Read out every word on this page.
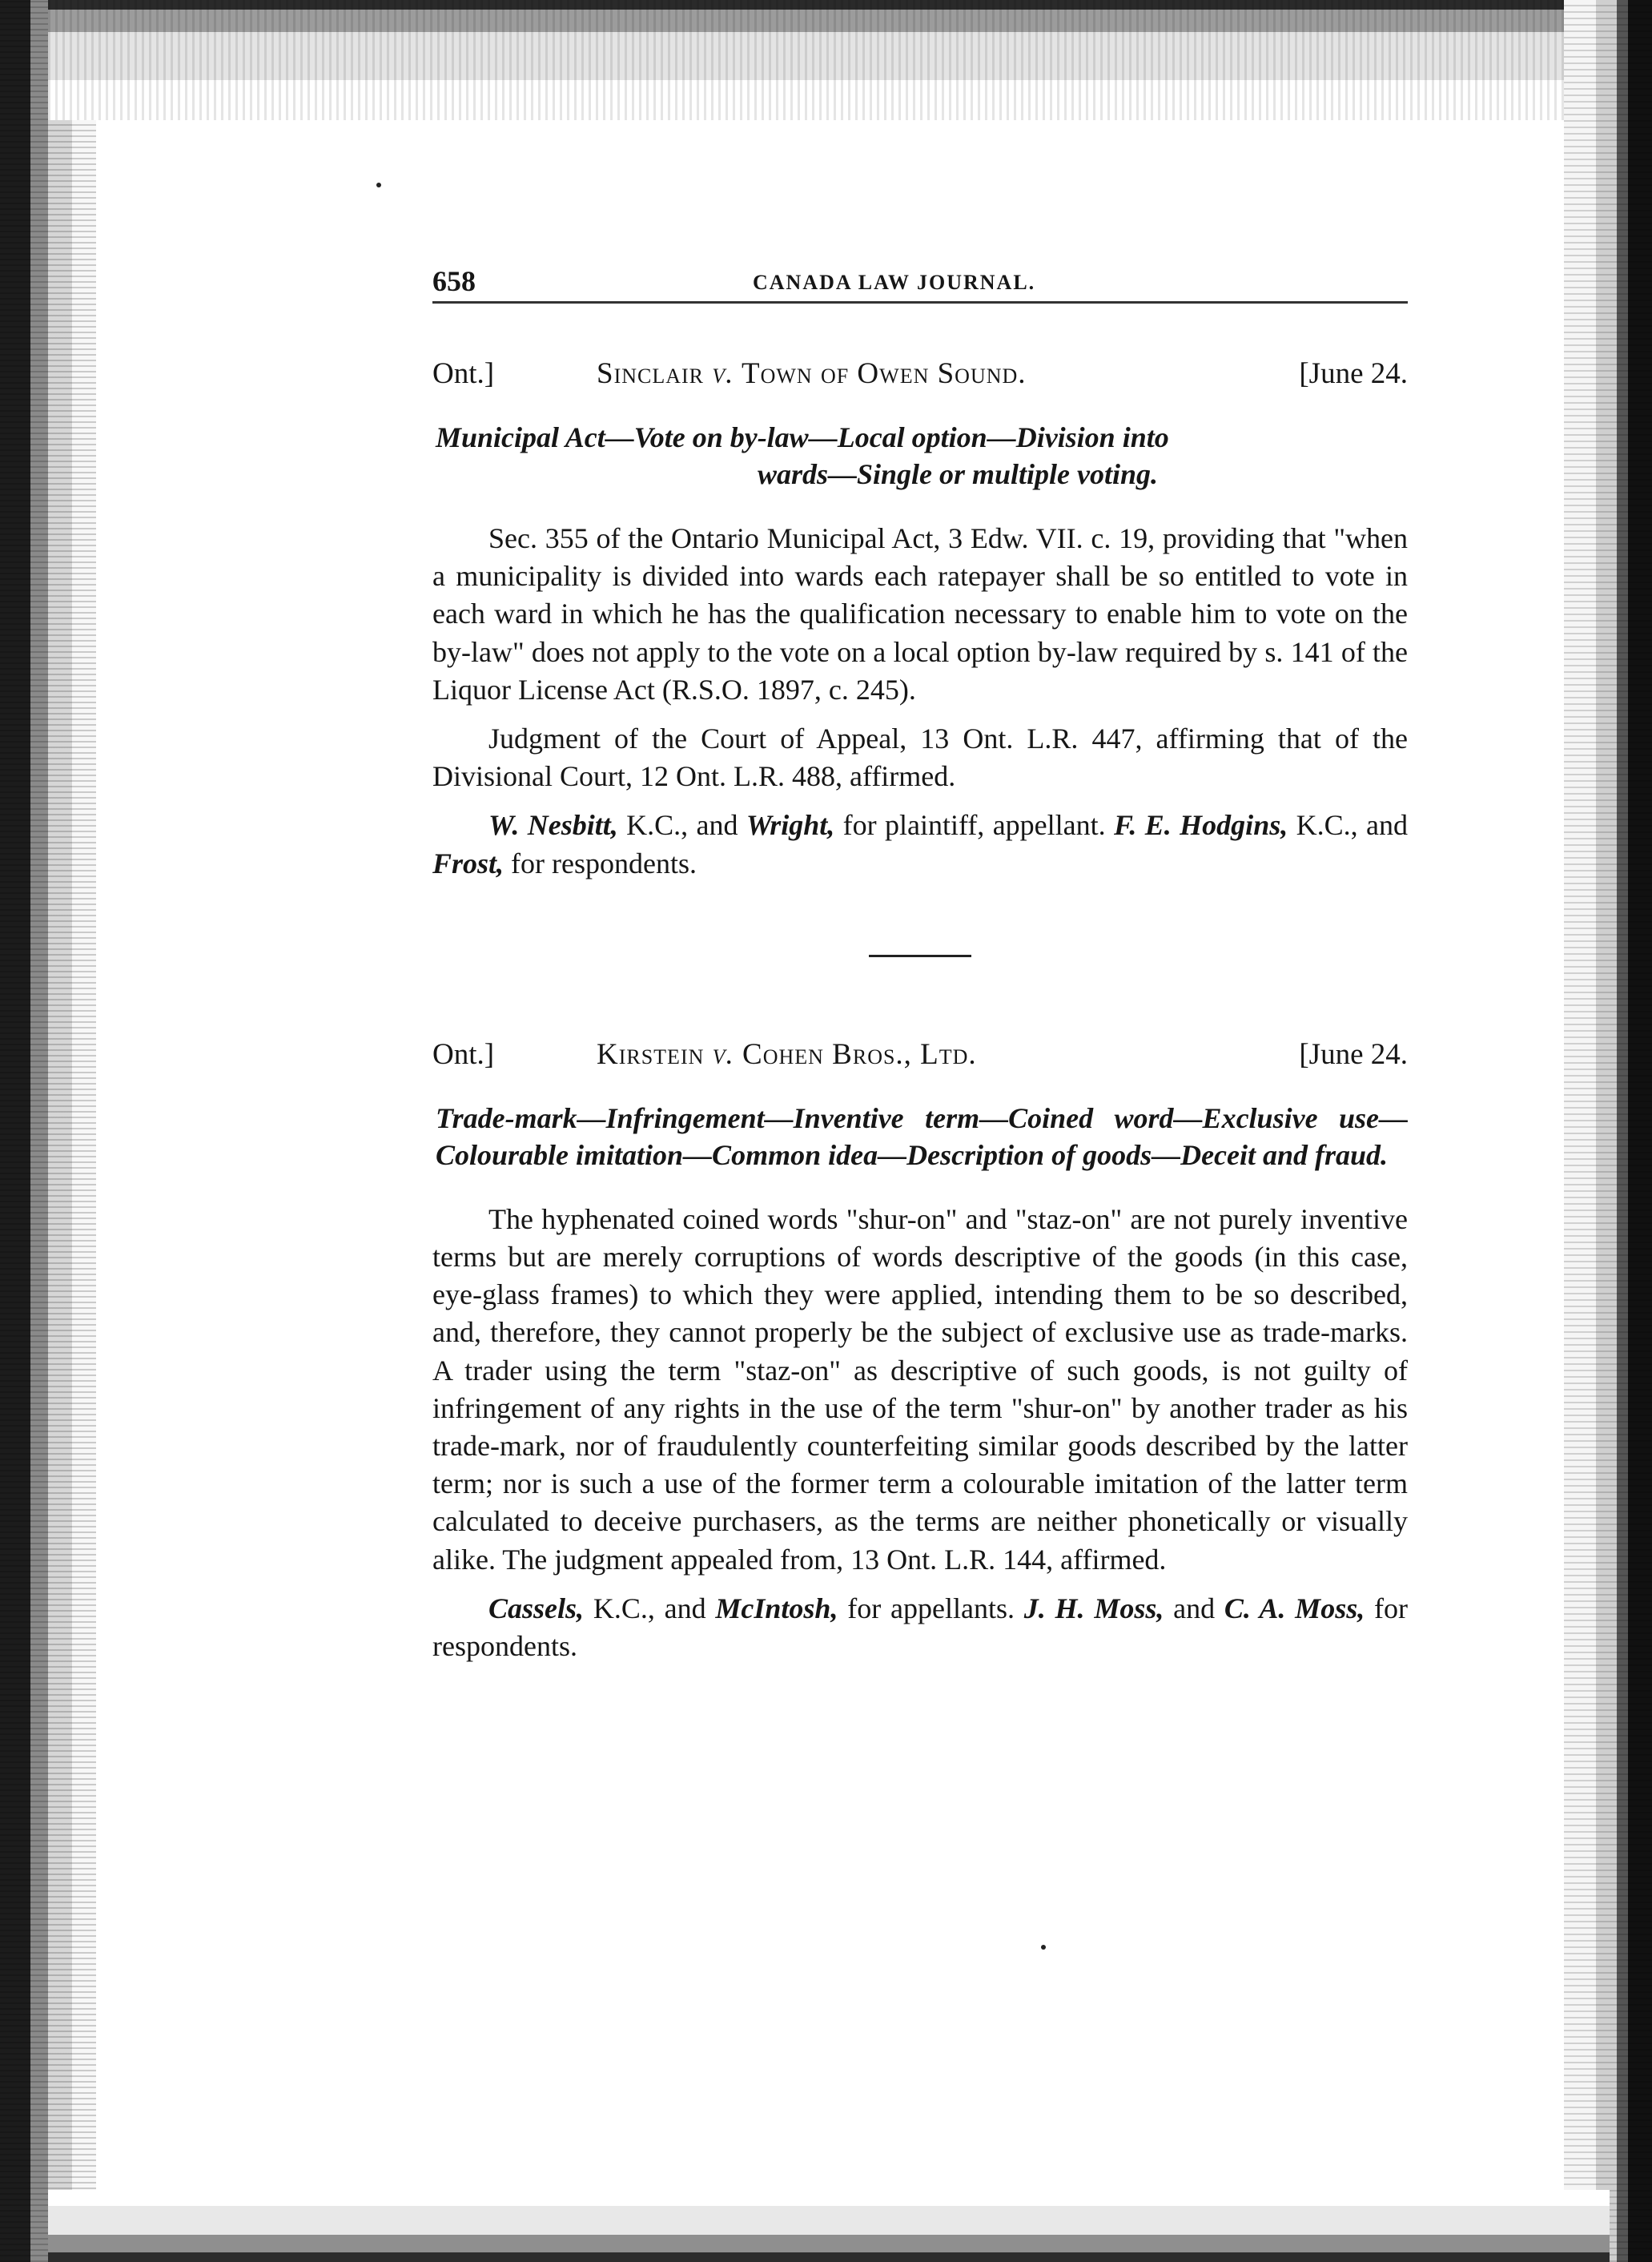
658	CANADA LAW JOURNAL.
Ont.]	Sinclair v. Town of Owen Sound.	[June 24.
Municipal Act—Vote on by-law—Local option—Division into
wards—Single or multiple voting.

Sec. 355 of the Ontario Municipal Act, 3 Edw. VII. c. 19, providing that "when a municipality is divided into wards each ratepayer shall be so entitled to vote in each ward in which he has the qualification necessary to enable him to vote on the by-law" does not apply to the vote on a local option by-law required by s. 141 of the Liquor License Act (R.S.O. 1897, c. 245).

Judgment of the Court of Appeal, 13 Ont. L.R. 447, affirming that of the Divisional Court, 12 Ont. L.R. 488, affirmed.

W. Nesbitt, K.C., and Wright, for plaintiff, appellant. F. E. Hodgins, K.C., and Frost, for respondents.
Ont.]	Kirstein v. Cohen Bros., Ltd.	[June 24.
Trade-mark—Infringement—Inventive term—Coined word—Exclusive use—Colourable imitation—Common idea—Description of goods—Deceit and fraud.

The hyphenated coined words "shur-on" and "staz-on" are not purely inventive terms but are merely corruptions of words descriptive of the goods (in this case, eye-glass frames) to which they were applied, intending them to be so described, and, therefore, they cannot properly be the subject of exclusive use as trade-marks. A trader using the term "staz-on" as descriptive of such goods, is not guilty of infringement of any rights in the use of the term "shur-on" by another trader as his trade-mark, nor of fraudulently counterfeiting similar goods described by the latter term; nor is such a use of the former term a colourable imitation of the latter term calculated to deceive purchasers, as the terms are neither phonetically or visually alike. The judgment appealed from, 13 Ont. L.R. 144, affirmed.

Cassels, K.C., and McIntosh, for appellants. J. H. Moss, and C. A. Moss, for respondents.
